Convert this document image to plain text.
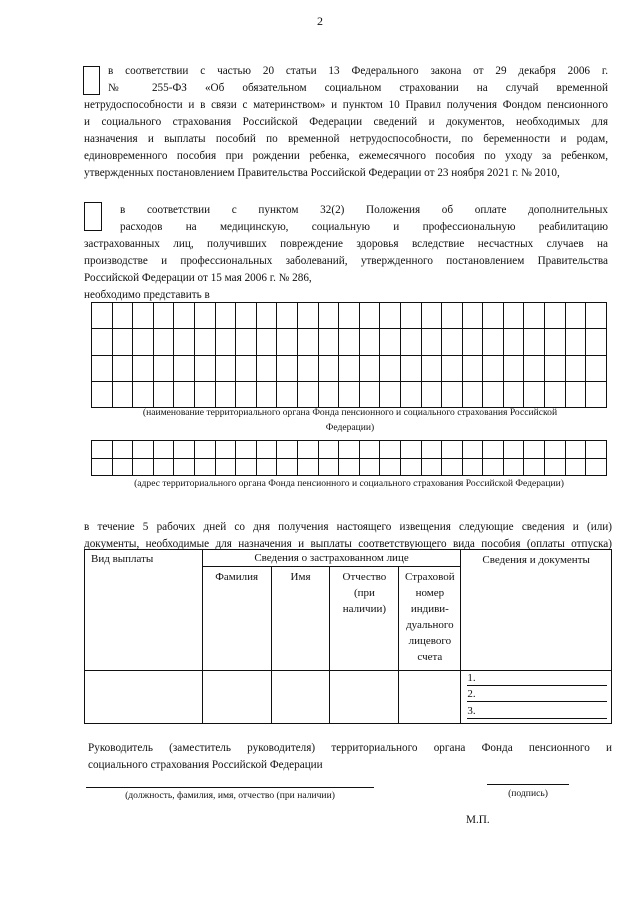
2
в соответствии с частью 20 статьи 13 Федерального закона от 29 декабря 2006 г.
№ 255-ФЗ «Об обязательном социальном страховании на случай временной
нетрудоспособности и в связи с материнством» и пунктом 10 Правил получения Фондом пенсионного
и социального страхования Российской Федерации сведений и документов, необходимых для
назначения и выплаты пособий по временной нетрудоспособности, по беременности и родам,
единовременного пособия при рождении ребенка, ежемесячного пособия по уходу за ребенком,
утвержденных постановлением Правительства Российской Федерации от 23 ноября 2021 г. № 2010,
в соответствии с пунктом 32(2) Положения об оплате дополнительных
расходов на медицинскую, социальную и профессиональную реабилитацию
застрахованных лиц, получивших повреждение здоровья вследствие несчастных случаев на
производстве и профессиональных заболеваний, утвержденного постановлением Правительства
Российской Федерации от 15 мая 2006 г. № 286,
необходимо представить в

(наименование территориального органа Фонда пенсионного и социального страхования Российской
Федерации)

(адрес территориального органа Фонда пенсионного и социального страхования Российской Федерации)
в течение 5 рабочих дней со дня получения настоящего извещения следующие сведения и (или)
документы, необходимые для назначения и выплаты соответствующего вида пособия (оплаты отпуска)
Вид выплаты	Сведения о застрахованном лице				Сведения и документы

	Фамилия	Имя	Отчество (при наличии)	Страховой номер индиви-дуального лицевого счета	

					1.
2.
3.
Руководитель (заместитель руководителя) территориального органа Фонда пенсионного и
социального страхования Российской Федерации
(должность, фамилия, имя, отчество (при наличии)	(подпись)
М.П.
